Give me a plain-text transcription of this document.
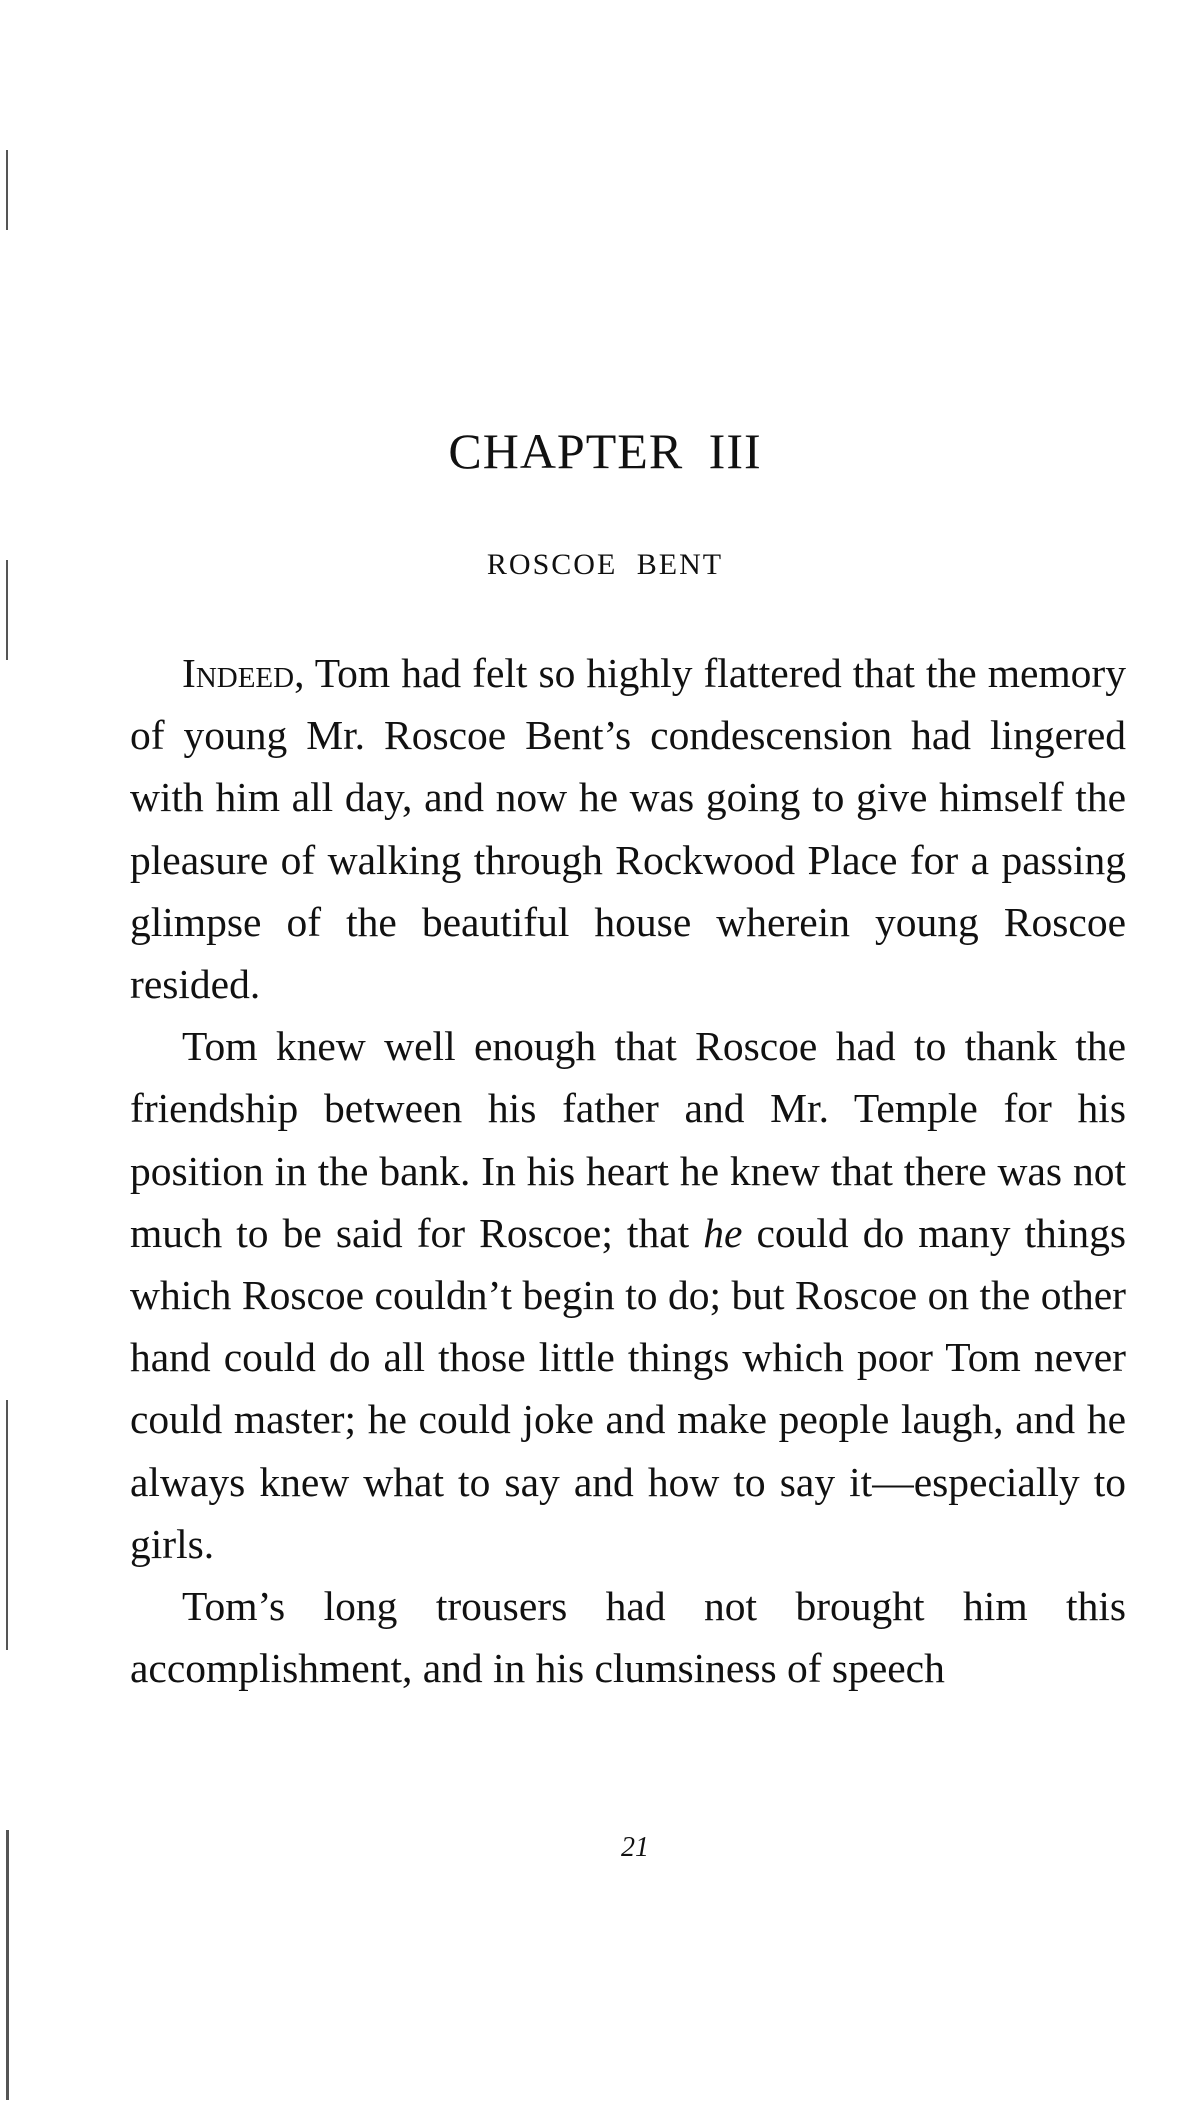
CHAPTER III
ROSCOE BENT

Indeed, Tom had felt so highly flattered that the memory of young Mr. Roscoe Bent’s condescension had lingered with him all day, and now he was going to give himself the pleasure of walking through Rockwood Place for a passing glimpse of the beautiful house wherein young Roscoe resided.

Tom knew well enough that Roscoe had to thank the friendship between his father and Mr. Temple for his position in the bank. In his heart he knew that there was not much to be said for Roscoe; that he could do many things which Roscoe couldn’t begin to do; but Roscoe on the other hand could do all those little things which poor Tom never could master; he could joke and make people laugh, and he always knew what to say and how to say it—especially to girls.

Tom’s long trousers had not brought him this accomplishment, and in his clumsiness of speech

21
